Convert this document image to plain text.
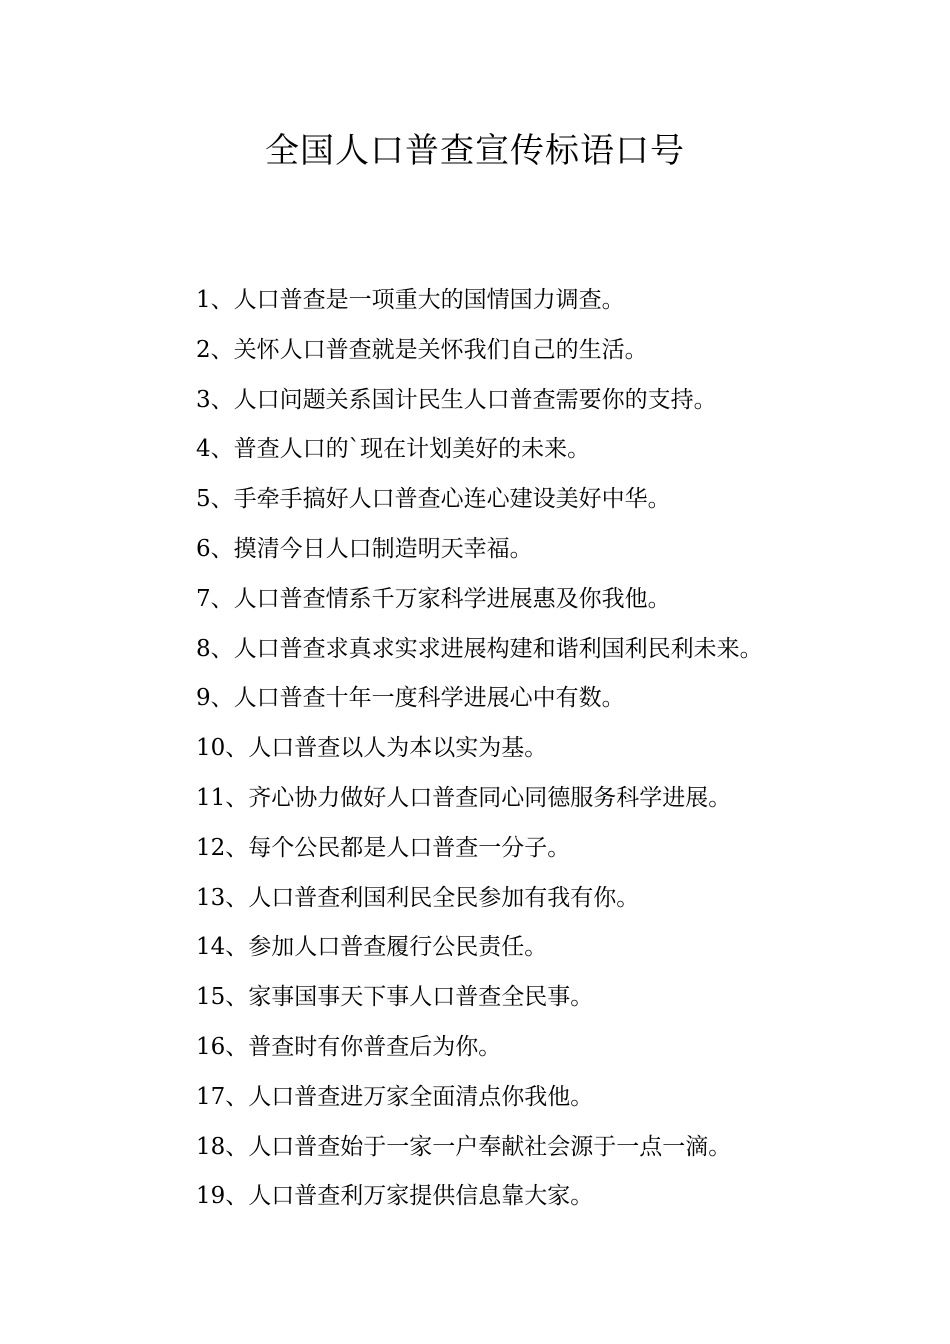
全国人口普查宣传标语口号
1、人口普查是一项重大的国情国力调查。
2、关怀人口普查就是关怀我们自己的生活。
3、人口问题关系国计民生人口普查需要你的支持。
4、普查人口的`现在计划美好的未来。
5、手牵手搞好人口普查心连心建设美好中华。
6、摸清今日人口制造明天幸福。
7、人口普查情系千万家科学进展惠及你我他。
8、人口普查求真求实求进展构建和谐利国利民利未来。
9、人口普查十年一度科学进展心中有数。
10、人口普查以人为本以实为基。
11、齐心协力做好人口普查同心同德服务科学进展。
12、每个公民都是人口普查一分子。
13、人口普查利国利民全民参加有我有你。
14、参加人口普查履行公民责任。
15、家事国事天下事人口普查全民事。
16、普查时有你普查后为你。
17、人口普查进万家全面清点你我他。
18、人口普查始于一家一户奉献社会源于一点一滴。
19、人口普查利万家提供信息靠大家。
